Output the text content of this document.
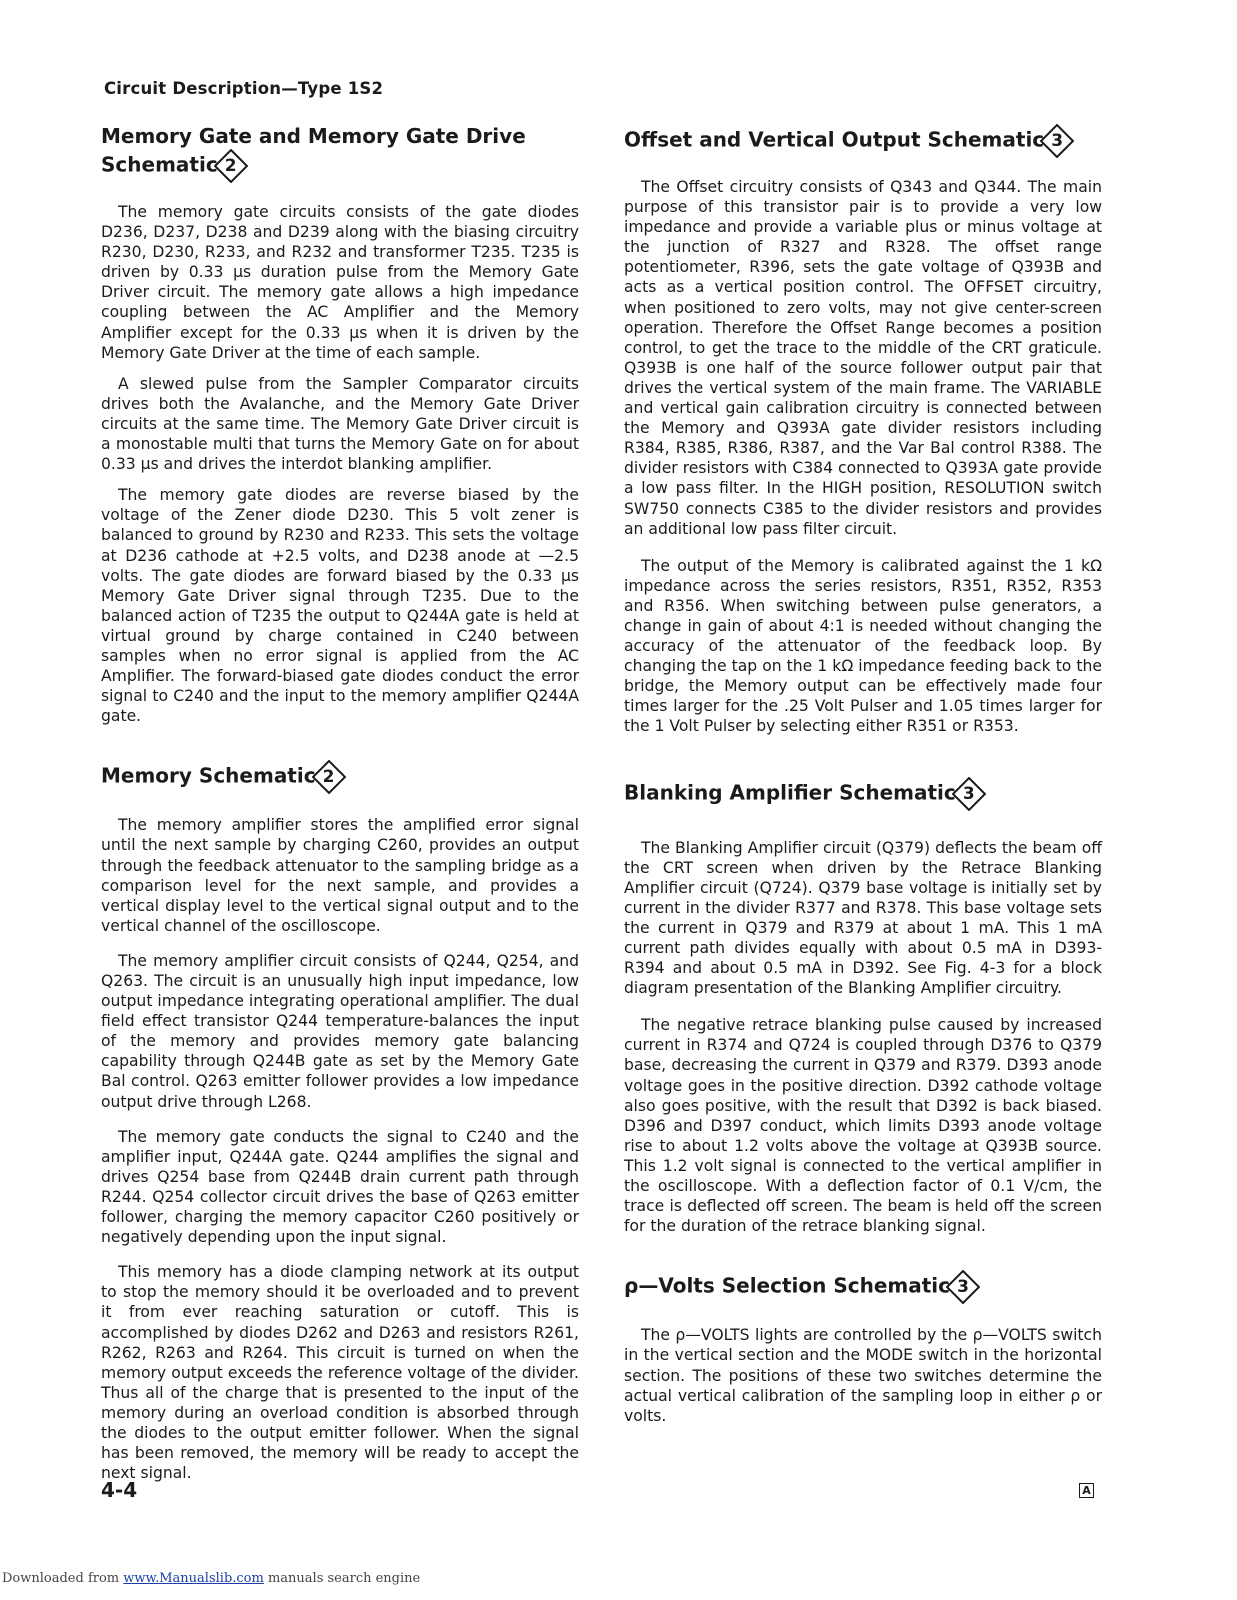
Circuit Description—Type 1S2
Memory Gate and Memory Gate Drive
Schematic 2

The memory gate circuits consists of the gate diodes D236, D237, D238 and D239 along with the biasing circuitry R230, D230, R233, and R232 and transformer T235. T235 is driven by 0.33 µs duration pulse from the Memory Gate Driver circuit. The memory gate allows a high impedance coupling between the AC Amplifier and the Memory Amplifier except for the 0.33 µs when it is driven by the Memory Gate Driver at the time of each sample.

A slewed pulse from the Sampler Comparator circuits drives both the Avalanche, and the Memory Gate Driver circuits at the same time. The Memory Gate Driver circuit is a monostable multi that turns the Memory Gate on for about 0.33 µs and drives the interdot blanking amplifier.

The memory gate diodes are reverse biased by the voltage of the Zener diode D230. This 5 volt zener is balanced to ground by R230 and R233. This sets the voltage at D236 cathode at +2.5 volts, and D238 anode at —2.5 volts. The gate diodes are forward biased by the 0.33 µs Memory Gate Driver signal through T235. Due to the balanced action of T235 the output to Q244A gate is held at virtual ground by charge contained in C240 between samples when no error signal is applied from the AC Amplifier. The forward-biased gate diodes conduct the error signal to C240 and the input to the memory amplifier Q244A gate.

Memory Schematic 2

The memory amplifier stores the amplified error signal until the next sample by charging C260, provides an output through the feedback attenuator to the sampling bridge as a comparison level for the next sample, and provides a vertical display level to the vertical signal output and to the vertical channel of the oscilloscope.

The memory amplifier circuit consists of Q244, Q254, and Q263. The circuit is an unusually high input impedance, low output impedance integrating operational amplifier. The dual field effect transistor Q244 temperature-balances the input of the memory and provides memory gate balancing capability through Q244B gate as set by the Memory Gate Bal control. Q263 emitter follower provides a low impedance output drive through L268.

The memory gate conducts the signal to C240 and the amplifier input, Q244A gate. Q244 amplifies the signal and drives Q254 base from Q244B drain current path through R244. Q254 collector circuit drives the base of Q263 emitter follower, charging the memory capacitor C260 positively or negatively depending upon the input signal.

This memory has a diode clamping network at its output to stop the memory should it be overloaded and to prevent it from ever reaching saturation or cutoff. This is accomplished by diodes D262 and D263 and resistors R261, R262, R263 and R264. This circuit is turned on when the memory output exceeds the reference voltage of the divider. Thus all of the charge that is presented to the input of the memory during an overload condition is absorbed through the diodes to the output emitter follower. When the signal has been removed, the memory will be ready to accept the next signal.

Offset and Vertical Output Schematic 3

The Offset circuitry consists of Q343 and Q344. The main purpose of this transistor pair is to provide a very low impedance and provide a variable plus or minus voltage at the junction of R327 and R328. The offset range potentiometer, R396, sets the gate voltage of Q393B and acts as a vertical position control. The OFFSET circuitry, when positioned to zero volts, may not give center-screen operation. Therefore the Offset Range becomes a position control, to get the trace to the middle of the CRT graticule. Q393B is one half of the source follower output pair that drives the vertical system of the main frame. The VARIABLE and vertical gain calibration circuitry is connected between the Memory and Q393A gate divider resistors including R384, R385, R386, R387, and the Var Bal control R388. The divider resistors with C384 connected to Q393A gate provide a low pass filter. In the HIGH position, RESOLUTION switch SW750 connects C385 to the divider resistors and provides an additional low pass filter circuit.

The output of the Memory is calibrated against the 1 kΩ impedance across the series resistors, R351, R352, R353 and R356. When switching between pulse generators, a change in gain of about 4:1 is needed without changing the accuracy of the attenuator of the feedback loop. By changing the tap on the 1 kΩ impedance feeding back to the bridge, the Memory output can be effectively made four times larger for the .25 Volt Pulser and 1.05 times larger for the 1 Volt Pulser by selecting either R351 or R353.

Blanking Amplifier Schematic 3

The Blanking Amplifier circuit (Q379) deflects the beam off the CRT screen when driven by the Retrace Blanking Amplifier circuit (Q724). Q379 base voltage is initially set by current in the divider R377 and R378. This base voltage sets the current in Q379 and R379 at about 1 mA. This 1 mA current path divides equally with about 0.5 mA in D393-R394 and about 0.5 mA in D392. See Fig. 4-3 for a block diagram presentation of the Blanking Amplifier circuitry.

The negative retrace blanking pulse caused by increased current in R374 and Q724 is coupled through D376 to Q379 base, decreasing the current in Q379 and R379. D393 anode voltage goes in the positive direction. D392 cathode voltage also goes positive, with the result that D392 is back biased. D396 and D397 conduct, which limits D393 anode voltage rise to about 1.2 volts above the voltage at Q393B source. This 1.2 volt signal is connected to the vertical amplifier in the oscilloscope. With a deflection factor of 0.1 V/cm, the trace is deflected off screen. The beam is held off the screen for the duration of the retrace blanking signal.

ρ—Volts Selection Schematic 3

The ρ—VOLTS lights are controlled by the ρ—VOLTS switch in the vertical section and the MODE switch in the horizontal section. The positions of these two switches determine the actual vertical calibration of the sampling loop in either ρ or volts.

4-4	A
Downloaded from www.Manualslib.com manuals search engine
